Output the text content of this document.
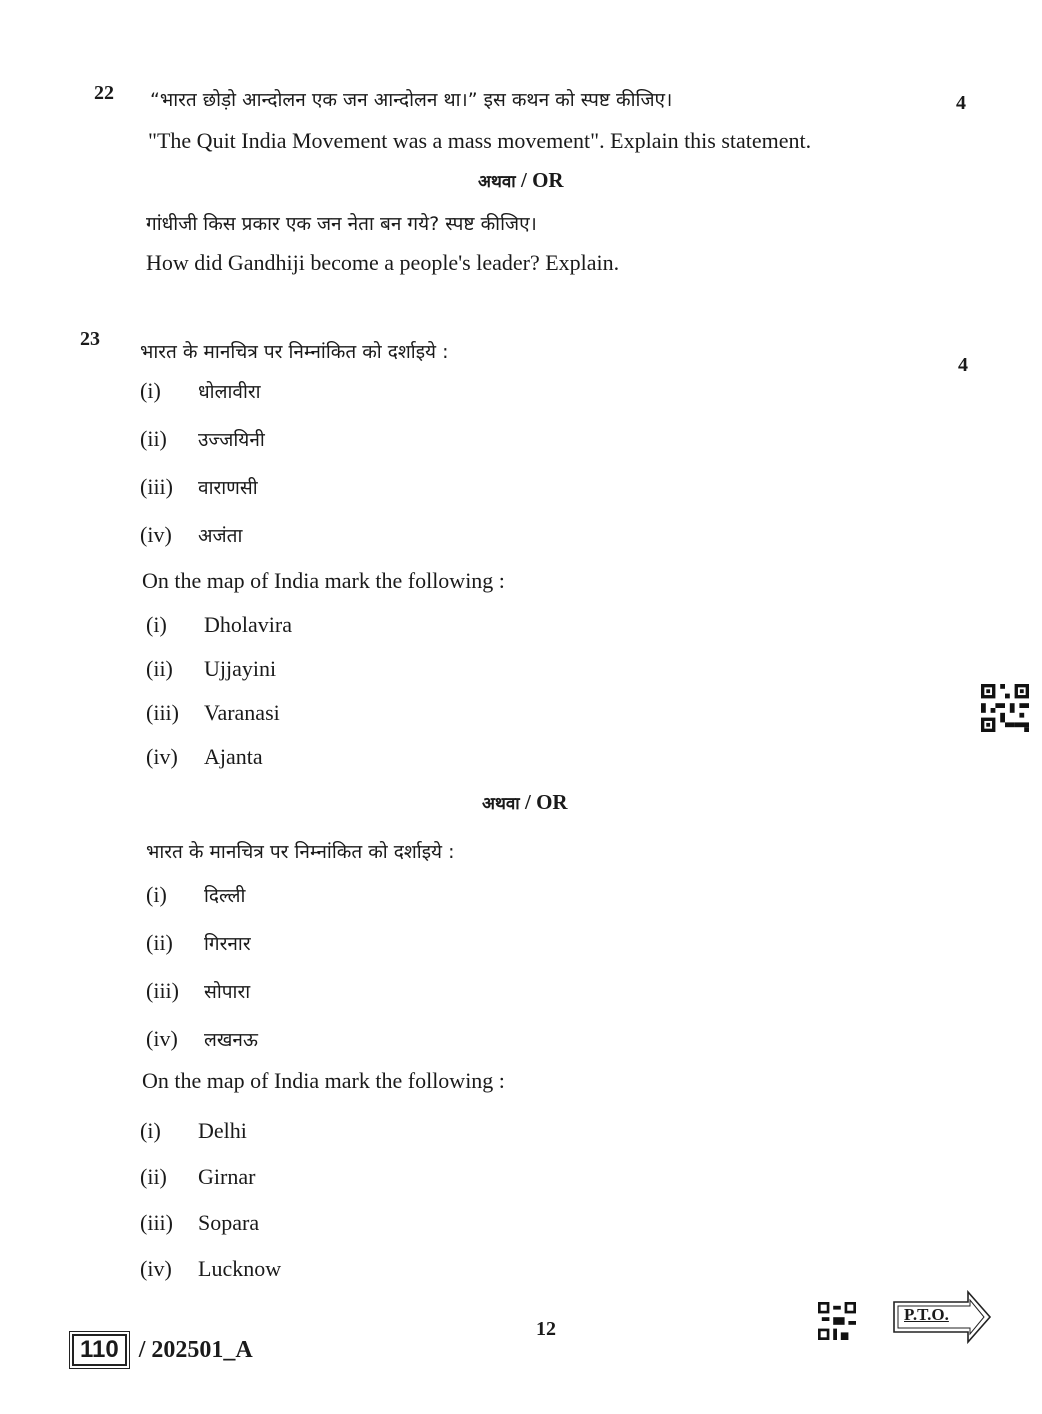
22 “भारत छोड़ो आन्दोलन एक जन आन्दोलन था।” इस कथन को स्पष्ट कीजिए।	4
"The Quit India Movement was a mass movement". Explain this statement.
अथवा / OR
गांधीजी किस प्रकार एक जन नेता बन गये? स्पष्ट कीजिए।
How did Gandhiji become a people's leader? Explain.
23
भारत के मानचित्र पर निम्नांकित को दर्शाइये :
4
(i) धोलावीरा
(ii) उज्जयिनी
(iii) वाराणसी
(iv) अजंता
On the map of India mark the following :
(i) Dholavira
(ii) Ujjayini
(iii) Varanasi
(iv) Ajanta
अथवा / OR
भारत के मानचित्र पर निम्नांकित को दर्शाइये :
(i) दिल्ली
(ii) गिरनार
(iii) सोपारा
(iv) लखनऊ
On the map of India mark the following :
(i) Delhi
(ii) Girnar
(iii) Sopara
(iv) Lucknow
110 / 202501_A
12
P.T.O.
